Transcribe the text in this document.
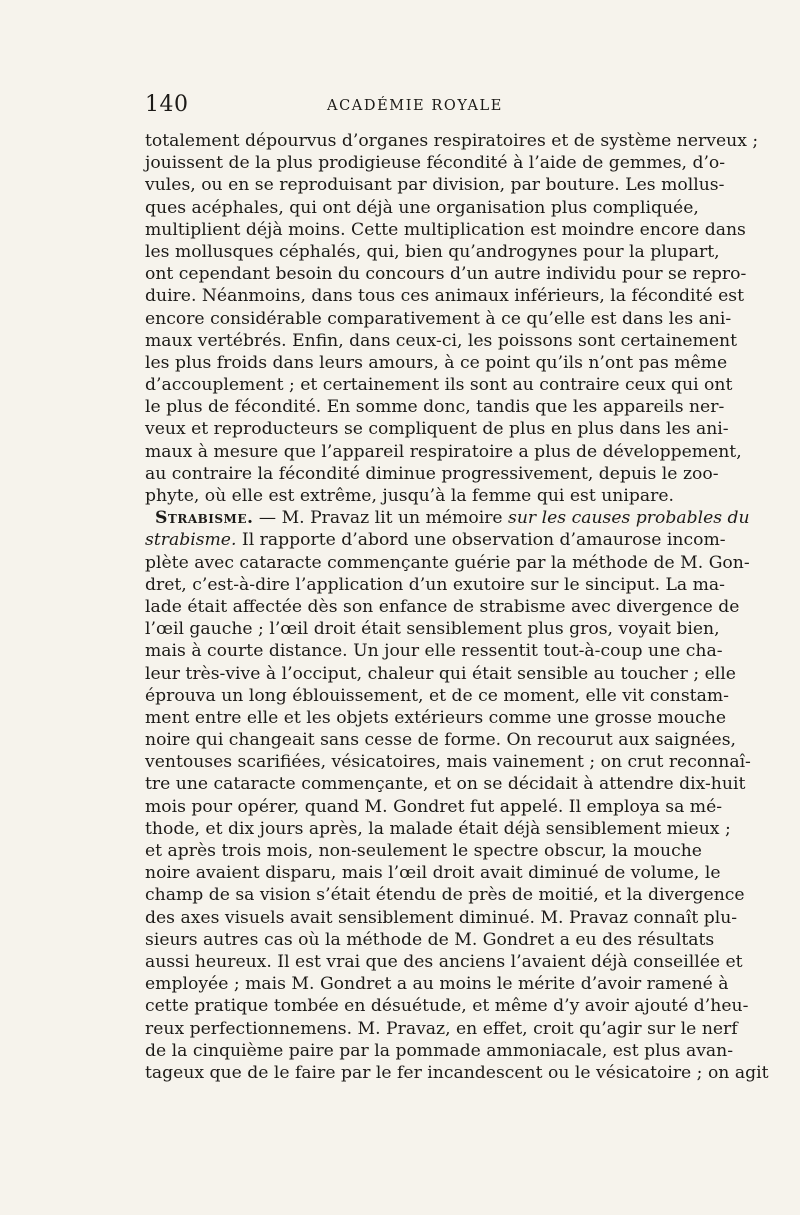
140	ACADÉMIE ROYALE
totalement dépourvus d’organes respiratoires et de système nerveux ;
jouissent de la plus prodigieuse fécondité à l’aide de gemmes, d’o-
vules, ou en se reproduisant par division, par bouture. Les mollus-
ques acéphales, qui ont déjà une organisation plus compliquée,
multiplient déjà moins. Cette multiplication est moindre encore dans
les mollusques céphalés, qui, bien qu’androgynes pour la plupart,
ont cependant besoin du concours d’un autre individu pour se repro-
duire. Néanmoins, dans tous ces animaux inférieurs, la fécondité est
encore considérable comparativement à ce qu’elle est dans les ani-
maux vertébrés. Enfin, dans ceux-ci, les poissons sont certainement
les plus froids dans leurs amours, à ce point qu’ils n’ont pas même
d’accouplement ; et certainement ils sont au contraire ceux qui ont
le plus de fécondité. En somme donc, tandis que les appareils ner-
veux et reproducteurs se compliquent de plus en plus dans les ani-
maux à mesure que l’appareil respiratoire a plus de développement,
au contraire la fécondité diminue progressivement, depuis le zoo-
phyte, où elle est extrême, jusqu’à la femme qui est unipare.
Strabisme. — M. Pravaz lit un mémoire sur les causes probables du
strabisme. Il rapporte d’abord une observation d’amaurose incom-
plète avec cataracte commençante guérie par la méthode de M. Gon-
dret, c’est-à-dire l’application d’un exutoire sur le sinciput. La ma-
lade était affectée dès son enfance de strabisme avec divergence de
l’œil gauche ; l’œil droit était sensiblement plus gros, voyait bien,
mais à courte distance. Un jour elle ressentit tout-à-coup une cha-
leur très-vive à l’occiput, chaleur qui était sensible au toucher ; elle
éprouva un long éblouissement, et de ce moment, elle vit constam-
ment entre elle et les objets extérieurs comme une grosse mouche
noire qui changeait sans cesse de forme. On recourut aux saignées,
ventouses scarifiées, vésicatoires, mais vainement ; on crut reconnaî-
tre une cataracte commençante, et on se décidait à attendre dix-huit
mois pour opérer, quand M. Gondret fut appelé. Il employa sa mé-
thode, et dix jours après, la malade était déjà sensiblement mieux ;
et après trois mois, non-seulement le spectre obscur, la mouche
noire avaient disparu, mais l’œil droit avait diminué de volume, le
champ de sa vision s’était étendu de près de moitié, et la divergence
des axes visuels avait sensiblement diminué. M. Pravaz connaît plu-
sieurs autres cas où la méthode de M. Gondret a eu des résultats
aussi heureux. Il est vrai que des anciens l’avaient déjà conseillée et
employée ; mais M. Gondret a au moins le mérite d’avoir ramené à
cette pratique tombée en désuétude, et même d’y avoir ajouté d’heu-
reux perfectionnemens. M. Pravaz, en effet, croit qu’agir sur le nerf
de la cinquième paire par la pommade ammoniacale, est plus avan-
tageux que de le faire par le fer incandescent ou le vésicatoire ; on agit
